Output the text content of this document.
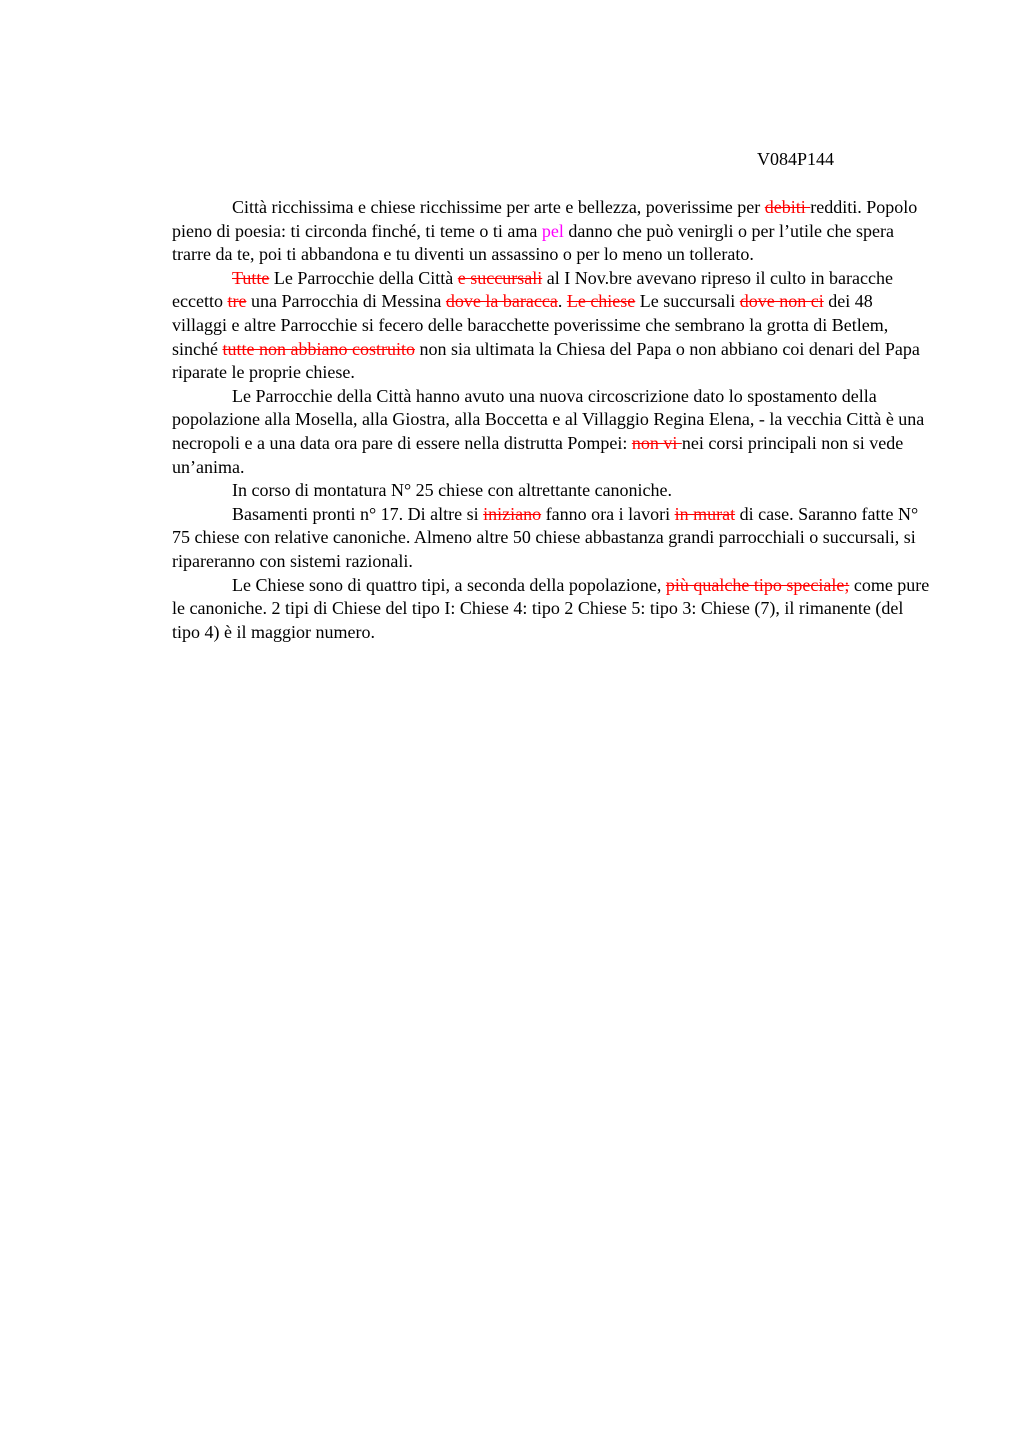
V084P144

Città ricchissima e chiese ricchissime per arte e bellezza, poverissime per debiti redditi. Popolo pieno di poesia: ti circonda finché, ti teme o ti ama pel danno che può venirgli o per l’utile che spera trarre da te, poi ti abbandona e tu diventi un assassino o per lo meno un tollerato.

Tutte Le Parrocchie della Città e succursali al I Nov.bre avevano ripreso il culto in baracche eccetto tre una Parrocchia di Messina dove la baracca. Le chiese Le succursali dove non ci dei 48 villaggi e altre Parrocchie si fecero delle baracchette poverissime che sembrano la grotta di Betlem, sinché tutte non abbiano costruito non sia ultimata la Chiesa del Papa o non abbiano coi denari del Papa riparate le proprie chiese.

Le Parrocchie della Città hanno avuto una nuova circoscrizione dato lo spostamento della popolazione alla Mosella, alla Giostra, alla Boccetta e al Villaggio Regina Elena, - la vecchia Città è una necropoli e a una data ora pare di essere nella distrutta Pompei: non vi nei corsi principali non si vede un’anima.

In corso di montatura N° 25 chiese con altrettante canoniche.

Basamenti pronti n° 17. Di altre si iniziano fanno ora i lavori in murat di case. Saranno fatte N° 75 chiese con relative canoniche. Almeno altre 50 chiese abbastanza grandi parrocchiali o succursali, si ripareranno con sistemi razionali.

Le Chiese sono di quattro tipi, a seconda della popolazione, più qualche tipo speciale; come pure le canoniche. 2 tipi di Chiese del tipo I: Chiese 4: tipo 2 Chiese 5: tipo 3: Chiese (7), il rimanente (del tipo 4) è il maggior numero.
